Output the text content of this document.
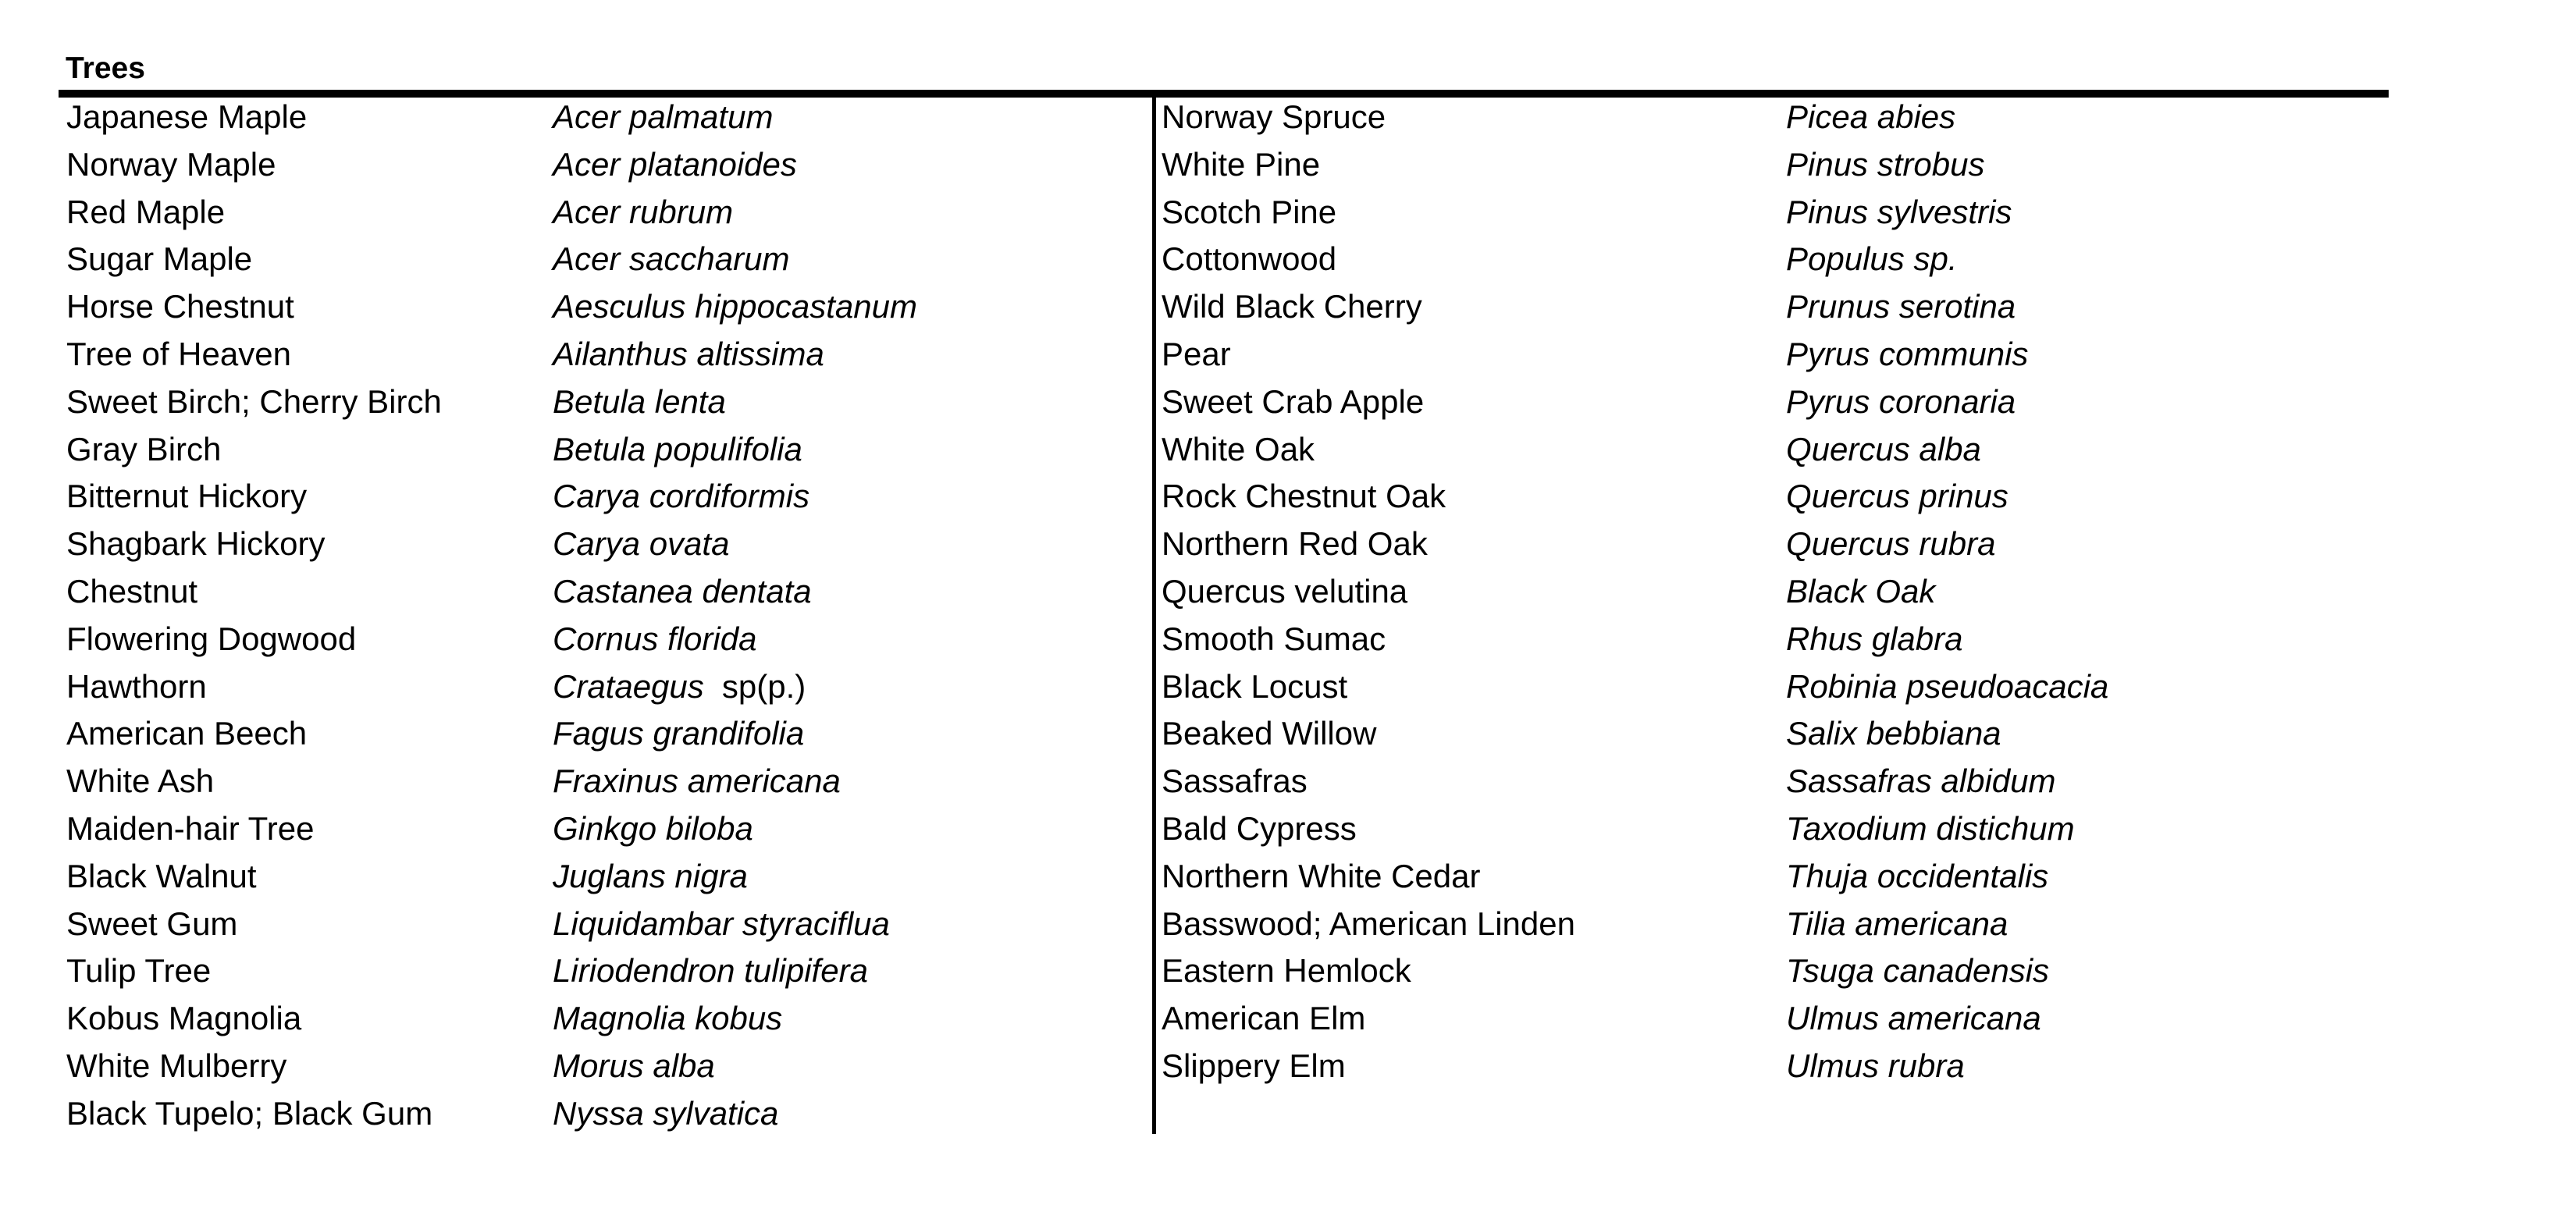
Trees
Japanese Maple
Norway Maple
Red Maple
Sugar Maple
Horse Chestnut
Tree of Heaven
Sweet Birch; Cherry Birch
Gray Birch
Bitternut Hickory
Shagbark Hickory
Chestnut
Flowering Dogwood
Hawthorn
American Beech
White Ash
Maiden-hair Tree
Black Walnut
Sweet Gum
Tulip Tree
Kobus Magnolia
White Mulberry
Black Tupelo; Black Gum
Acer palmatum
Acer platanoides
Acer rubrum
Acer saccharum
Aesculus hippocastanum
Ailanthus altissima
Betula lenta
Betula populifolia
Carya cordiformis
Carya ovata
Castanea dentata
Cornus florida
Crataegus sp(p.)
Fagus grandifolia
Fraxinus americana
Ginkgo biloba
Juglans nigra
Liquidambar styraciflua
Liriodendron tulipifera
Magnolia kobus
Morus alba
Nyssa sylvatica
Norway Spruce
White Pine
Scotch Pine
Cottonwood
Wild Black Cherry
Pear
Sweet Crab Apple
White Oak
Rock Chestnut Oak
Northern Red Oak
Quercus velutina
Smooth Sumac
Black Locust
Beaked Willow
Sassafras
Bald Cypress
Northern White Cedar
Basswood; American Linden
Eastern Hemlock
American Elm
Slippery Elm
Picea abies
Pinus strobus
Pinus sylvestris
Populus sp.
Prunus serotina
Pyrus communis
Pyrus coronaria
Quercus alba
Quercus prinus
Quercus rubra
Black Oak
Rhus glabra
Robinia pseudoacacia
Salix bebbiana
Sassafras albidum
Taxodium distichum
Thuja occidentalis
Tilia americana
Tsuga canadensis
Ulmus americana
Ulmus rubra
